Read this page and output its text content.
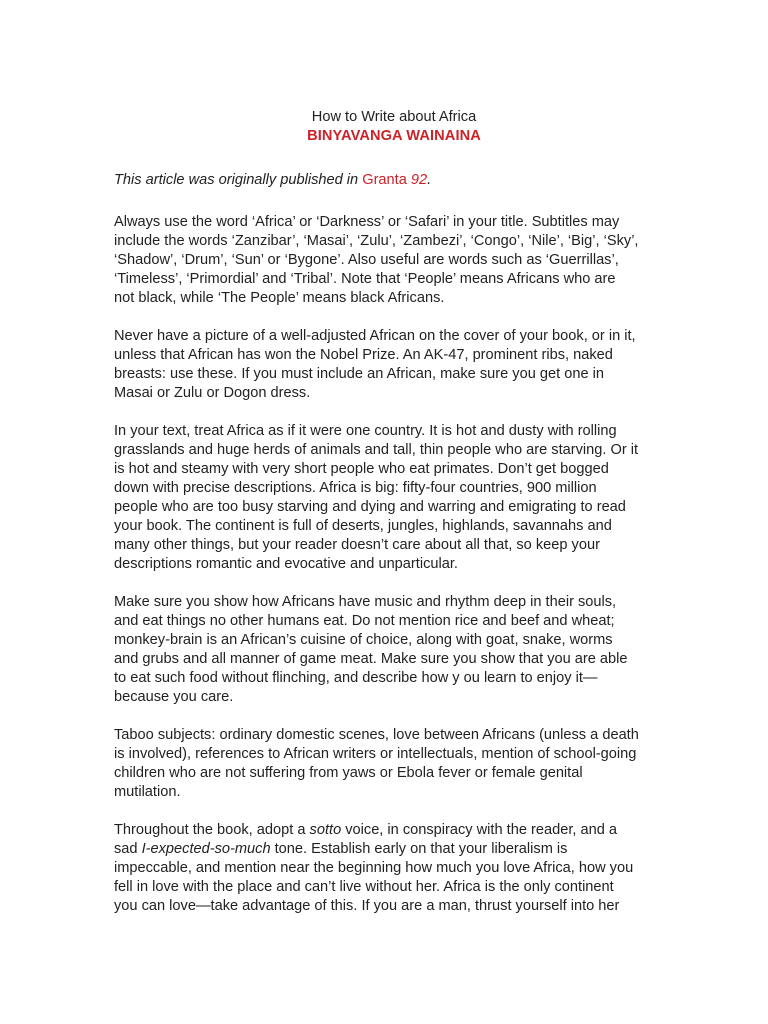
How to Write about Africa
BINYAVANGA WAINAINA

This article was originally published in Granta 92.

Always use the word ‘Africa’ or ‘Darkness’ or ‘Safari’ in your title. Subtitles may
include the words ‘Zanzibar’, ‘Masai’, ‘Zulu’, ‘Zambezi’, ‘Congo’, ‘Nile’, ‘Big’, ‘Sky’,
‘Shadow’, ‘Drum’, ‘Sun’ or ‘Bygone’. Also useful are words such as ‘Guerrillas’,
‘Timeless’, ‘Primordial’ and ‘Tribal’. Note that ‘People’ means Africans who are
not black, while ‘The People’ means black Africans.

Never have a picture of a well-adjusted African on the cover of your book, or in it,
unless that African has won the Nobel Prize. An AK-47, prominent ribs, naked
breasts: use these. If you must include an African, make sure you get one in
Masai or Zulu or Dogon dress.

In your text, treat Africa as if it were one country. It is hot and dusty with rolling
grasslands and huge herds of animals and tall, thin people who are starving. Or it
is hot and steamy with very short people who eat primates. Don’t get bogged
down with precise descriptions. Africa is big: fifty-four countries, 900 million
people who are too busy starving and dying and warring and emigrating to read
your book. The continent is full of deserts, jungles, highlands, savannahs and
many other things, but your reader doesn’t care about all that, so keep your
descriptions romantic and evocative and unparticular.

Make sure you show how Africans have music and rhythm deep in their souls,
and eat things no other humans eat. Do not mention rice and beef and wheat;
monkey-brain is an African’s cuisine of choice, along with goat, snake, worms
and grubs and all manner of game meat. Make sure you show that you are able
to eat such food without flinching, and describe how y ou learn to enjoy it—
because you care.

Taboo subjects: ordinary domestic scenes, love between Africans (unless a death
is involved), references to African writers or intellectuals, mention of school-going
children who are not suffering from yaws or Ebola fever or female genital
mutilation.

Throughout the book, adopt a sotto voice, in conspiracy with the reader, and a
sad I-expected-so-much tone. Establish early on that your liberalism is
impeccable, and mention near the beginning how much you love Africa, how you
fell in love with the place and can’t live without her. Africa is the only continent
you can love—take advantage of this. If you are a man, thrust yourself into her
